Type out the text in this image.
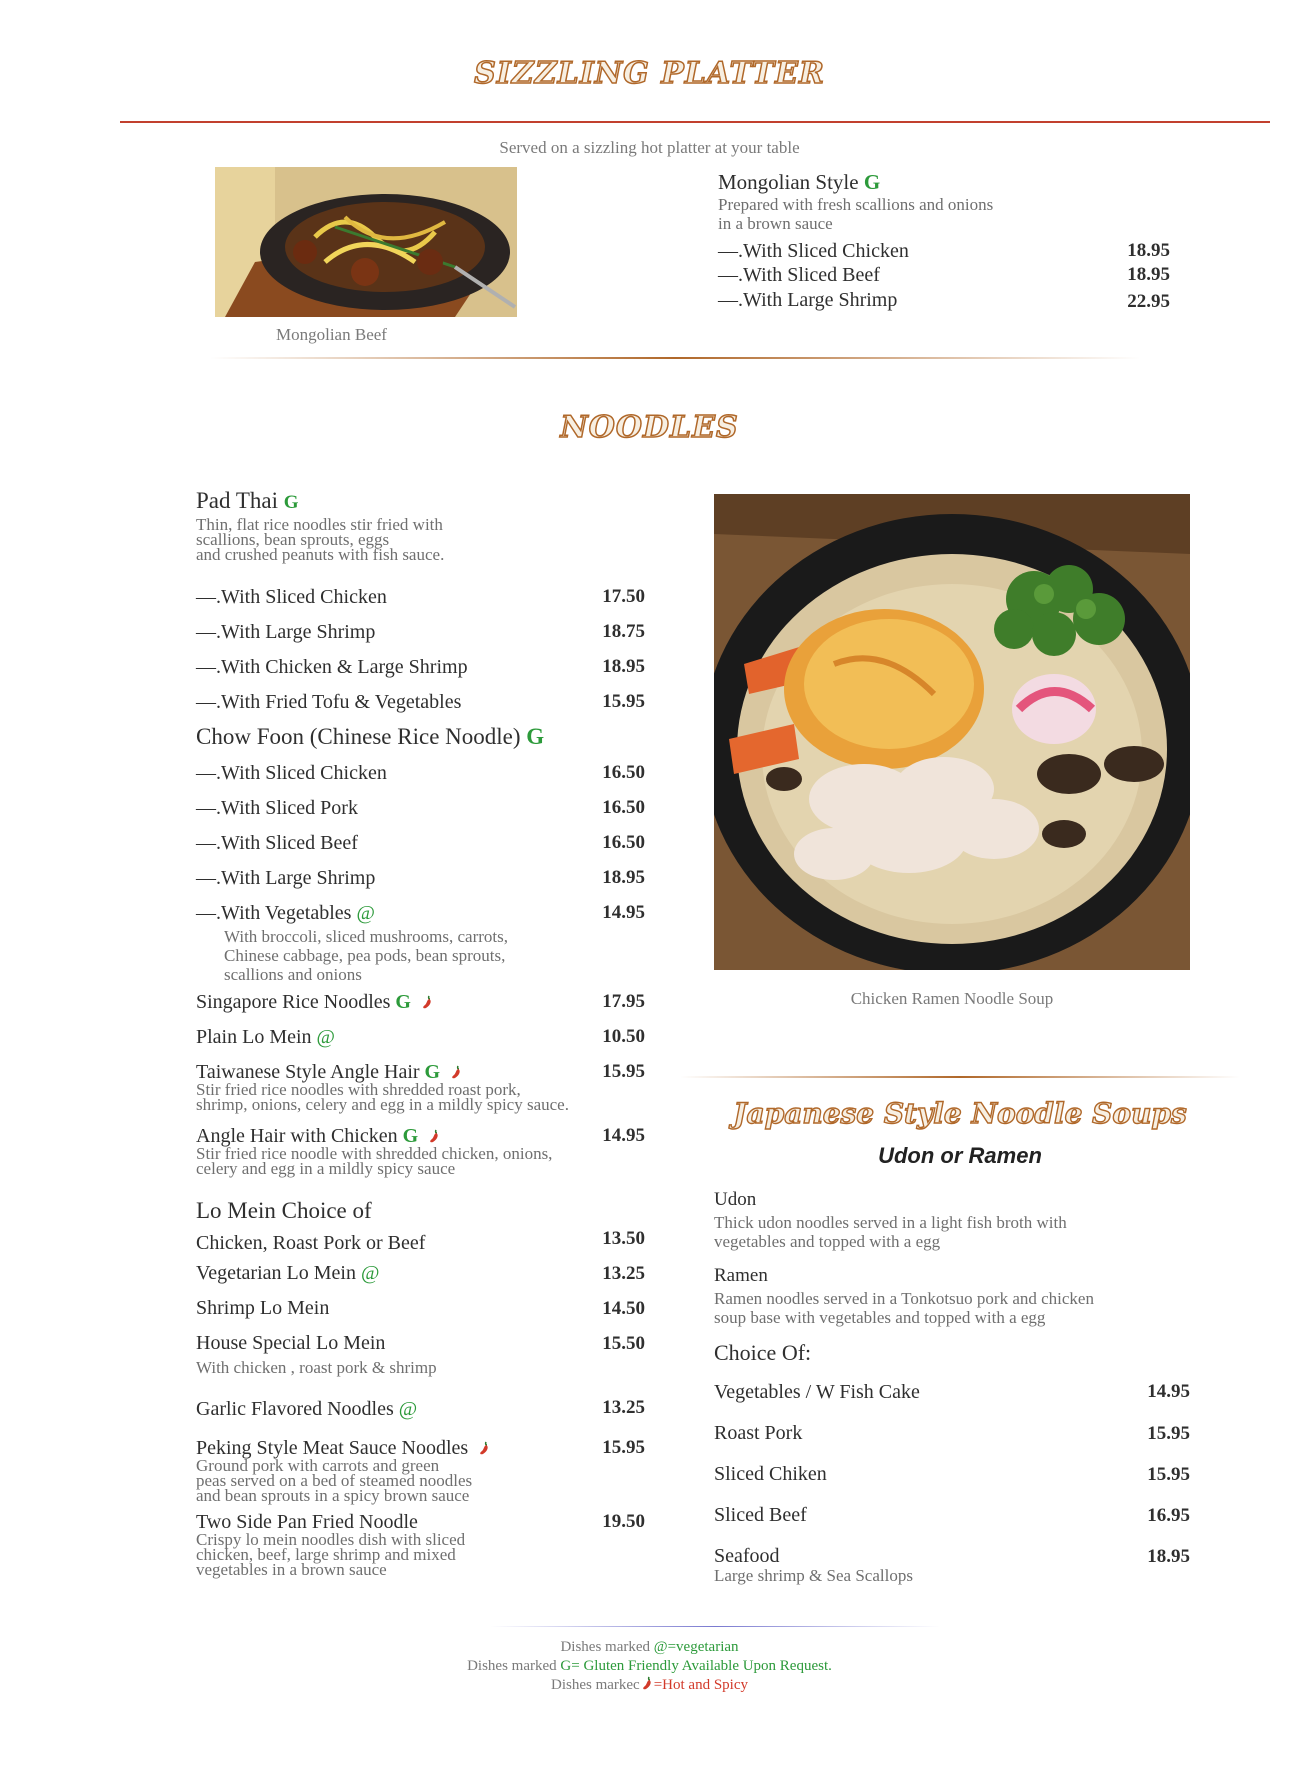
SIZZLING PLATTER
Served on a sizzling hot platter at your table
Mongolian Beef
Mongolian Style G
Prepared with fresh scallions and onions
in a brown sauce
––.With Sliced Chicken	18.95
––.With Sliced Beef	18.95
––.With Large Shrimp	22.95
NOODLES
Pad Thai G
Thin, flat rice noodles stir fried with
scallions, bean sprouts, eggs
and crushed peanuts with fish sauce.
––.With Sliced Chicken	17.50
––.With Large Shrimp	18.75
––.With Chicken & Large Shrimp	18.95
––.With Fried Tofu & Vegetables	15.95
Chow Foon (Chinese Rice Noodle) G
––.With Sliced Chicken	16.50
––.With Sliced Pork	16.50
––.With Sliced Beef	16.50
––.With Large Shrimp	18.95
––.With Vegetables @	14.95
With broccoli, sliced mushrooms, carrots,
Chinese cabbage, pea pods, bean sprouts,
scallions and onions
Singapore Rice Noodles G	17.95
Plain Lo Mein @	10.50
Taiwanese Style Angle Hair G	15.95
Stir fried rice noodles with shredded roast pork,
shrimp, onions, celery and egg in a mildly spicy sauce.
Angle Hair with Chicken G	14.95
Stir fried rice noodle with shredded chicken, onions,
celery and egg in a mildly spicy sauce
Lo Mein Choice of
Chicken, Roast Pork or Beef	13.50
Vegetarian Lo Mein @	13.25
Shrimp Lo Mein	14.50
House Special Lo Mein	15.50
With chicken , roast pork & shrimp
Garlic Flavored Noodles @	13.25
Peking Style Meat Sauce Noodles	15.95
Ground pork with carrots and green
peas served on a bed of steamed noodles
and bean sprouts in a spicy brown sauce
Two Side Pan Fried Noodle	19.50
Crispy lo mein noodles dish with sliced
chicken, beef, large shrimp and mixed
vegetables in a brown sauce
Chicken Ramen Noodle Soup
Japanese Style Noodle Soups
Udon or Ramen
Udon
Thick udon noodles served in a light fish broth with
vegetables and topped with a egg
Ramen
Ramen noodles served in a Tonkotsuo pork and chicken
soup base with vegetables and topped with a egg
Choice Of:
Vegetables / W Fish Cake	14.95
Roast Pork	15.95
Sliced Chiken	15.95
Sliced Beef	16.95
Seafood	18.95
Large shrimp & Sea Scallops
Dishes marked @=vegetarian
Dishes marked G= Gluten Friendly Available Upon Request.
Dishes markec =Hot and Spicy
